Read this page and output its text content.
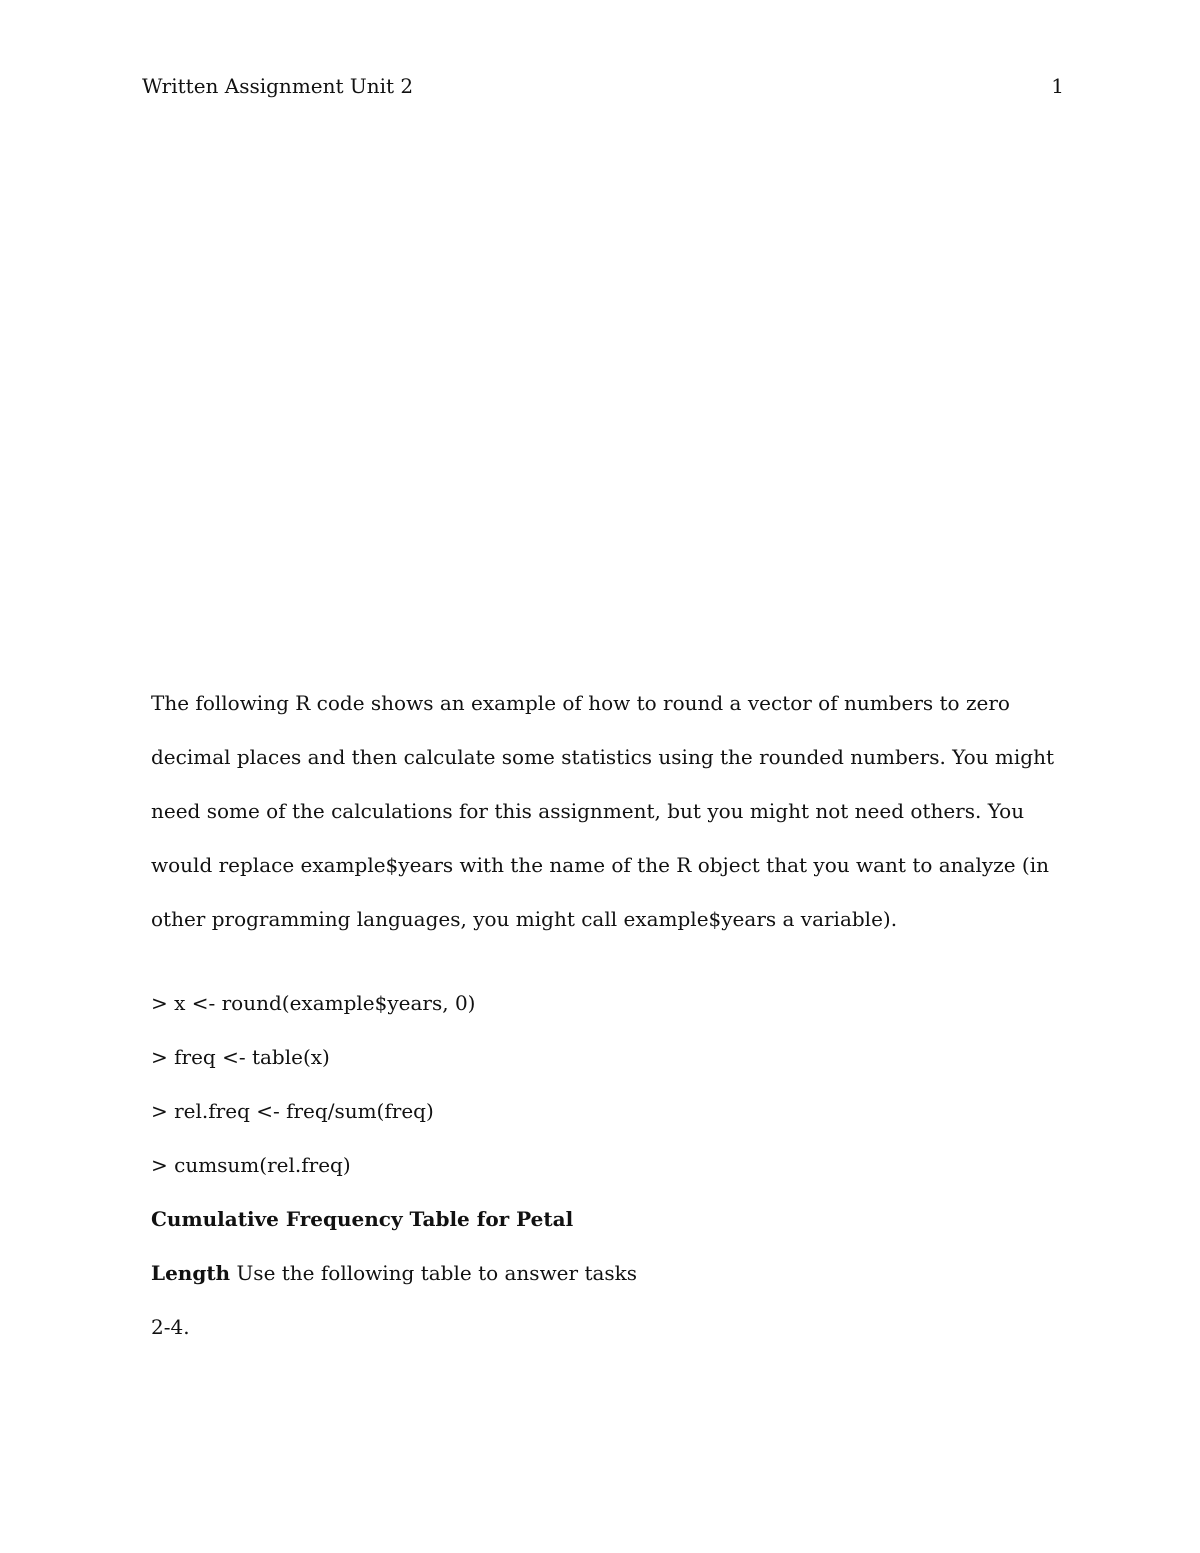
Written Assignment Unit 2	1
The following R code shows an example of how to round a vector of numbers to zero
decimal places and then calculate some statistics using the rounded numbers. You might
need some of the calculations for this assignment, but you might not need others. You
would replace example$years with the name of the R object that you want to analyze (in
other programming languages, you might call example$years a variable).
> x <- round(example$years, 0)
> freq <- table(x)
> rel.freq <- freq/sum(freq)
> cumsum(rel.freq)
Cumulative Frequency Table for Petal
Length Use the following table to answer tasks
2-4.
